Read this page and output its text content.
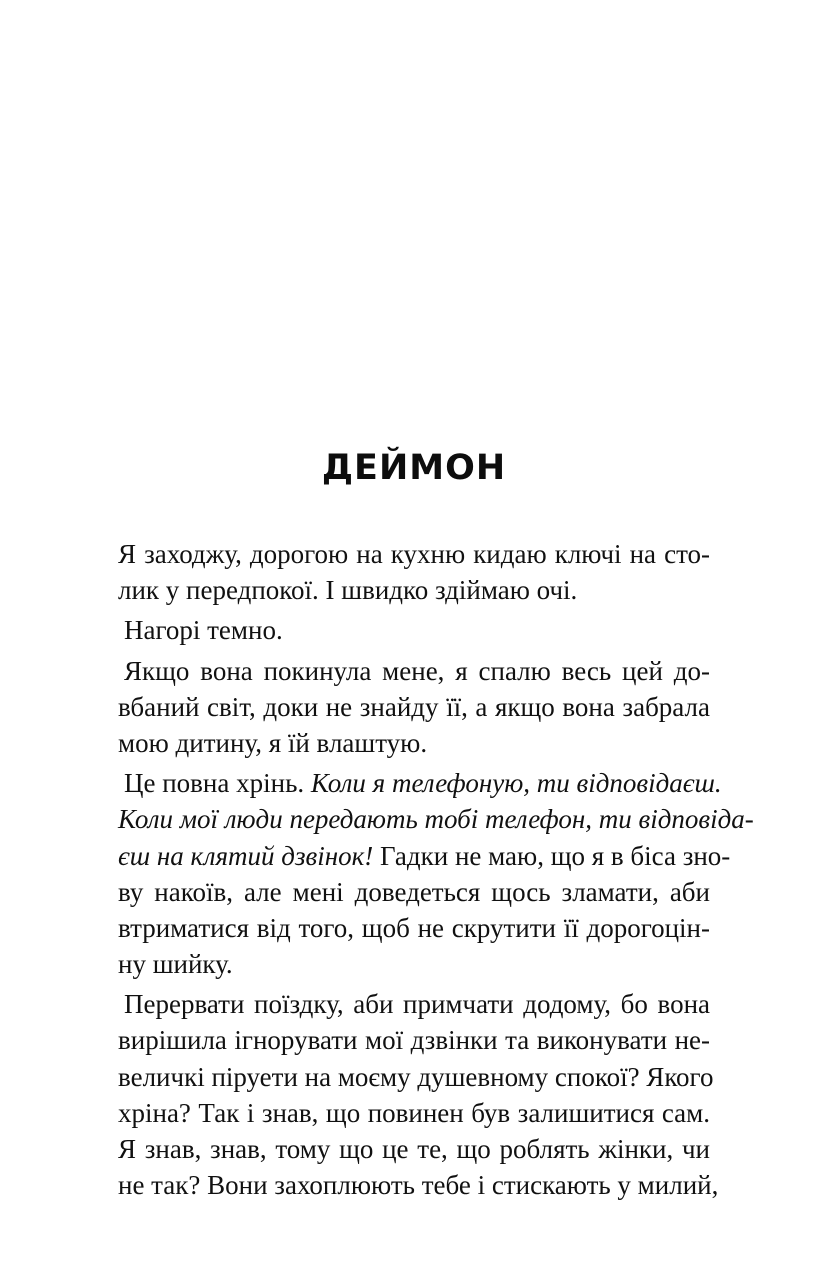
ДЕЙМОН
Я заходжу, дорогою на кухню кидаю ключі на сто-
лик у передпокої. І швидко здіймаю очі.
Нагорі темно.
Якщо вона покинула мене, я спалю весь цей до-
вбаний світ, доки не знайду її, а якщо вона забрала
мою дитину, я їй влаштую.
Це повна хрінь. Коли я телефоную, ти відповідаєш.
Коли мої люди передають тобі телефон, ти відповіда-
єш на клятий дзвінок! Гадки не маю, що я в біса зно-
ву накоїв, але мені доведеться щось зламати, аби
втриматися від того, щоб не скрутити її дорогоцін-
ну шийку.
Перервати поїздку, аби примчати додому, бо вона
вирішила ігнорувати мої дзвінки та виконувати не-
величкі піруети на моєму душевному спокої? Якого
хріна? Так і знав, що повинен був залишитися сам.
Я знав, знав, тому що це те, що роблять жінки, чи
не так? Вони захоплюють тебе і стискають у милий,
